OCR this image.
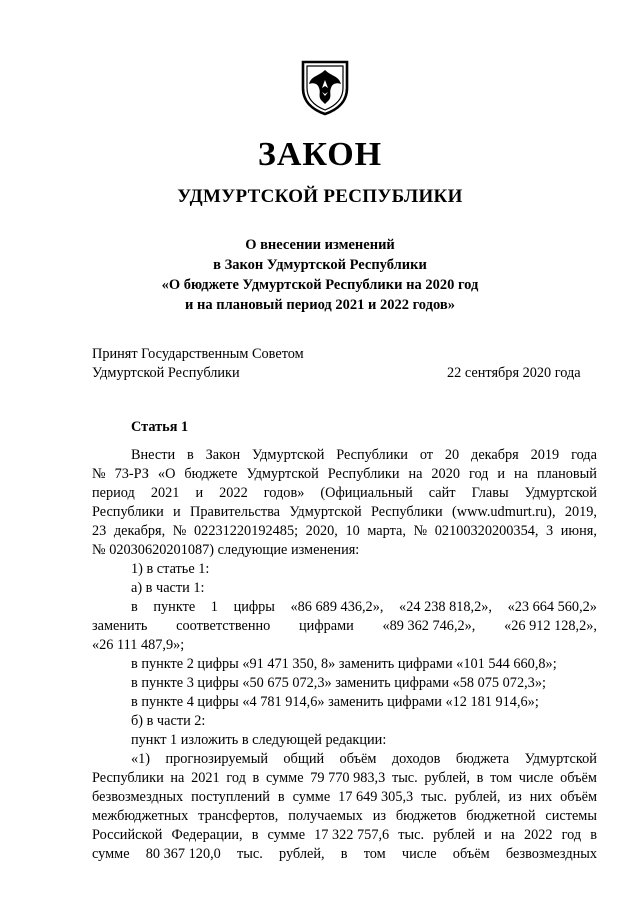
ЗАКОН
УДМУРТСКОЙ РЕСПУБЛИКИ
О внесении изменений
в Закон Удмуртской Республики
«О бюджете Удмуртской Республики на 2020 год
и на плановый период 2021 и 2022 годов»
Принят Государственным Советом
Удмуртской Республики	22 сентября 2020 года
Статья 1
Внести в Закон Удмуртской Республики от 20 декабря 2019 года
№ 73-РЗ «О бюджете Удмуртской Республики на 2020 год и на плановый
период 2021 и 2022 годов» (Официальный сайт Главы Удмуртской
Республики и Правительства Удмуртской Республики (www.udmurt.ru), 2019,
23 декабря, № 02231220192485; 2020, 10 марта, № 02100320200354, 3 июня,
№ 02030620201087) следующие изменения:
1) в статье 1:
а) в части 1:
в пункте 1 цифры «86 689 436,2», «24 238 818,2», «23 664 560,2»
заменить соответственно цифрами «89 362 746,2», «26 912 128,2»,
«26 111 487,9»;
в пункте 2 цифры «91 471 350, 8» заменить цифрами «101 544 660,8»;
в пункте 3 цифры «50 675 072,3» заменить цифрами «58 075 072,3»;
в пункте 4 цифры «4 781 914,6» заменить цифрами «12 181 914,6»;
б) в части 2:
пункт 1 изложить в следующей редакции:
«1) прогнозируемый общий объём доходов бюджета Удмуртской
Республики на 2021 год в сумме 79 770 983,3 тыс. рублей, в том числе объём
безвозмездных поступлений в сумме 17 649 305,3 тыс. рублей, из них объём
межбюджетных трансфертов, получаемых из бюджетов бюджетной системы
Российской Федерации, в сумме 17 322 757,6 тыс. рублей и на 2022 год в
сумме 80 367 120,0 тыс. рублей, в том числе объём безвозмездных
